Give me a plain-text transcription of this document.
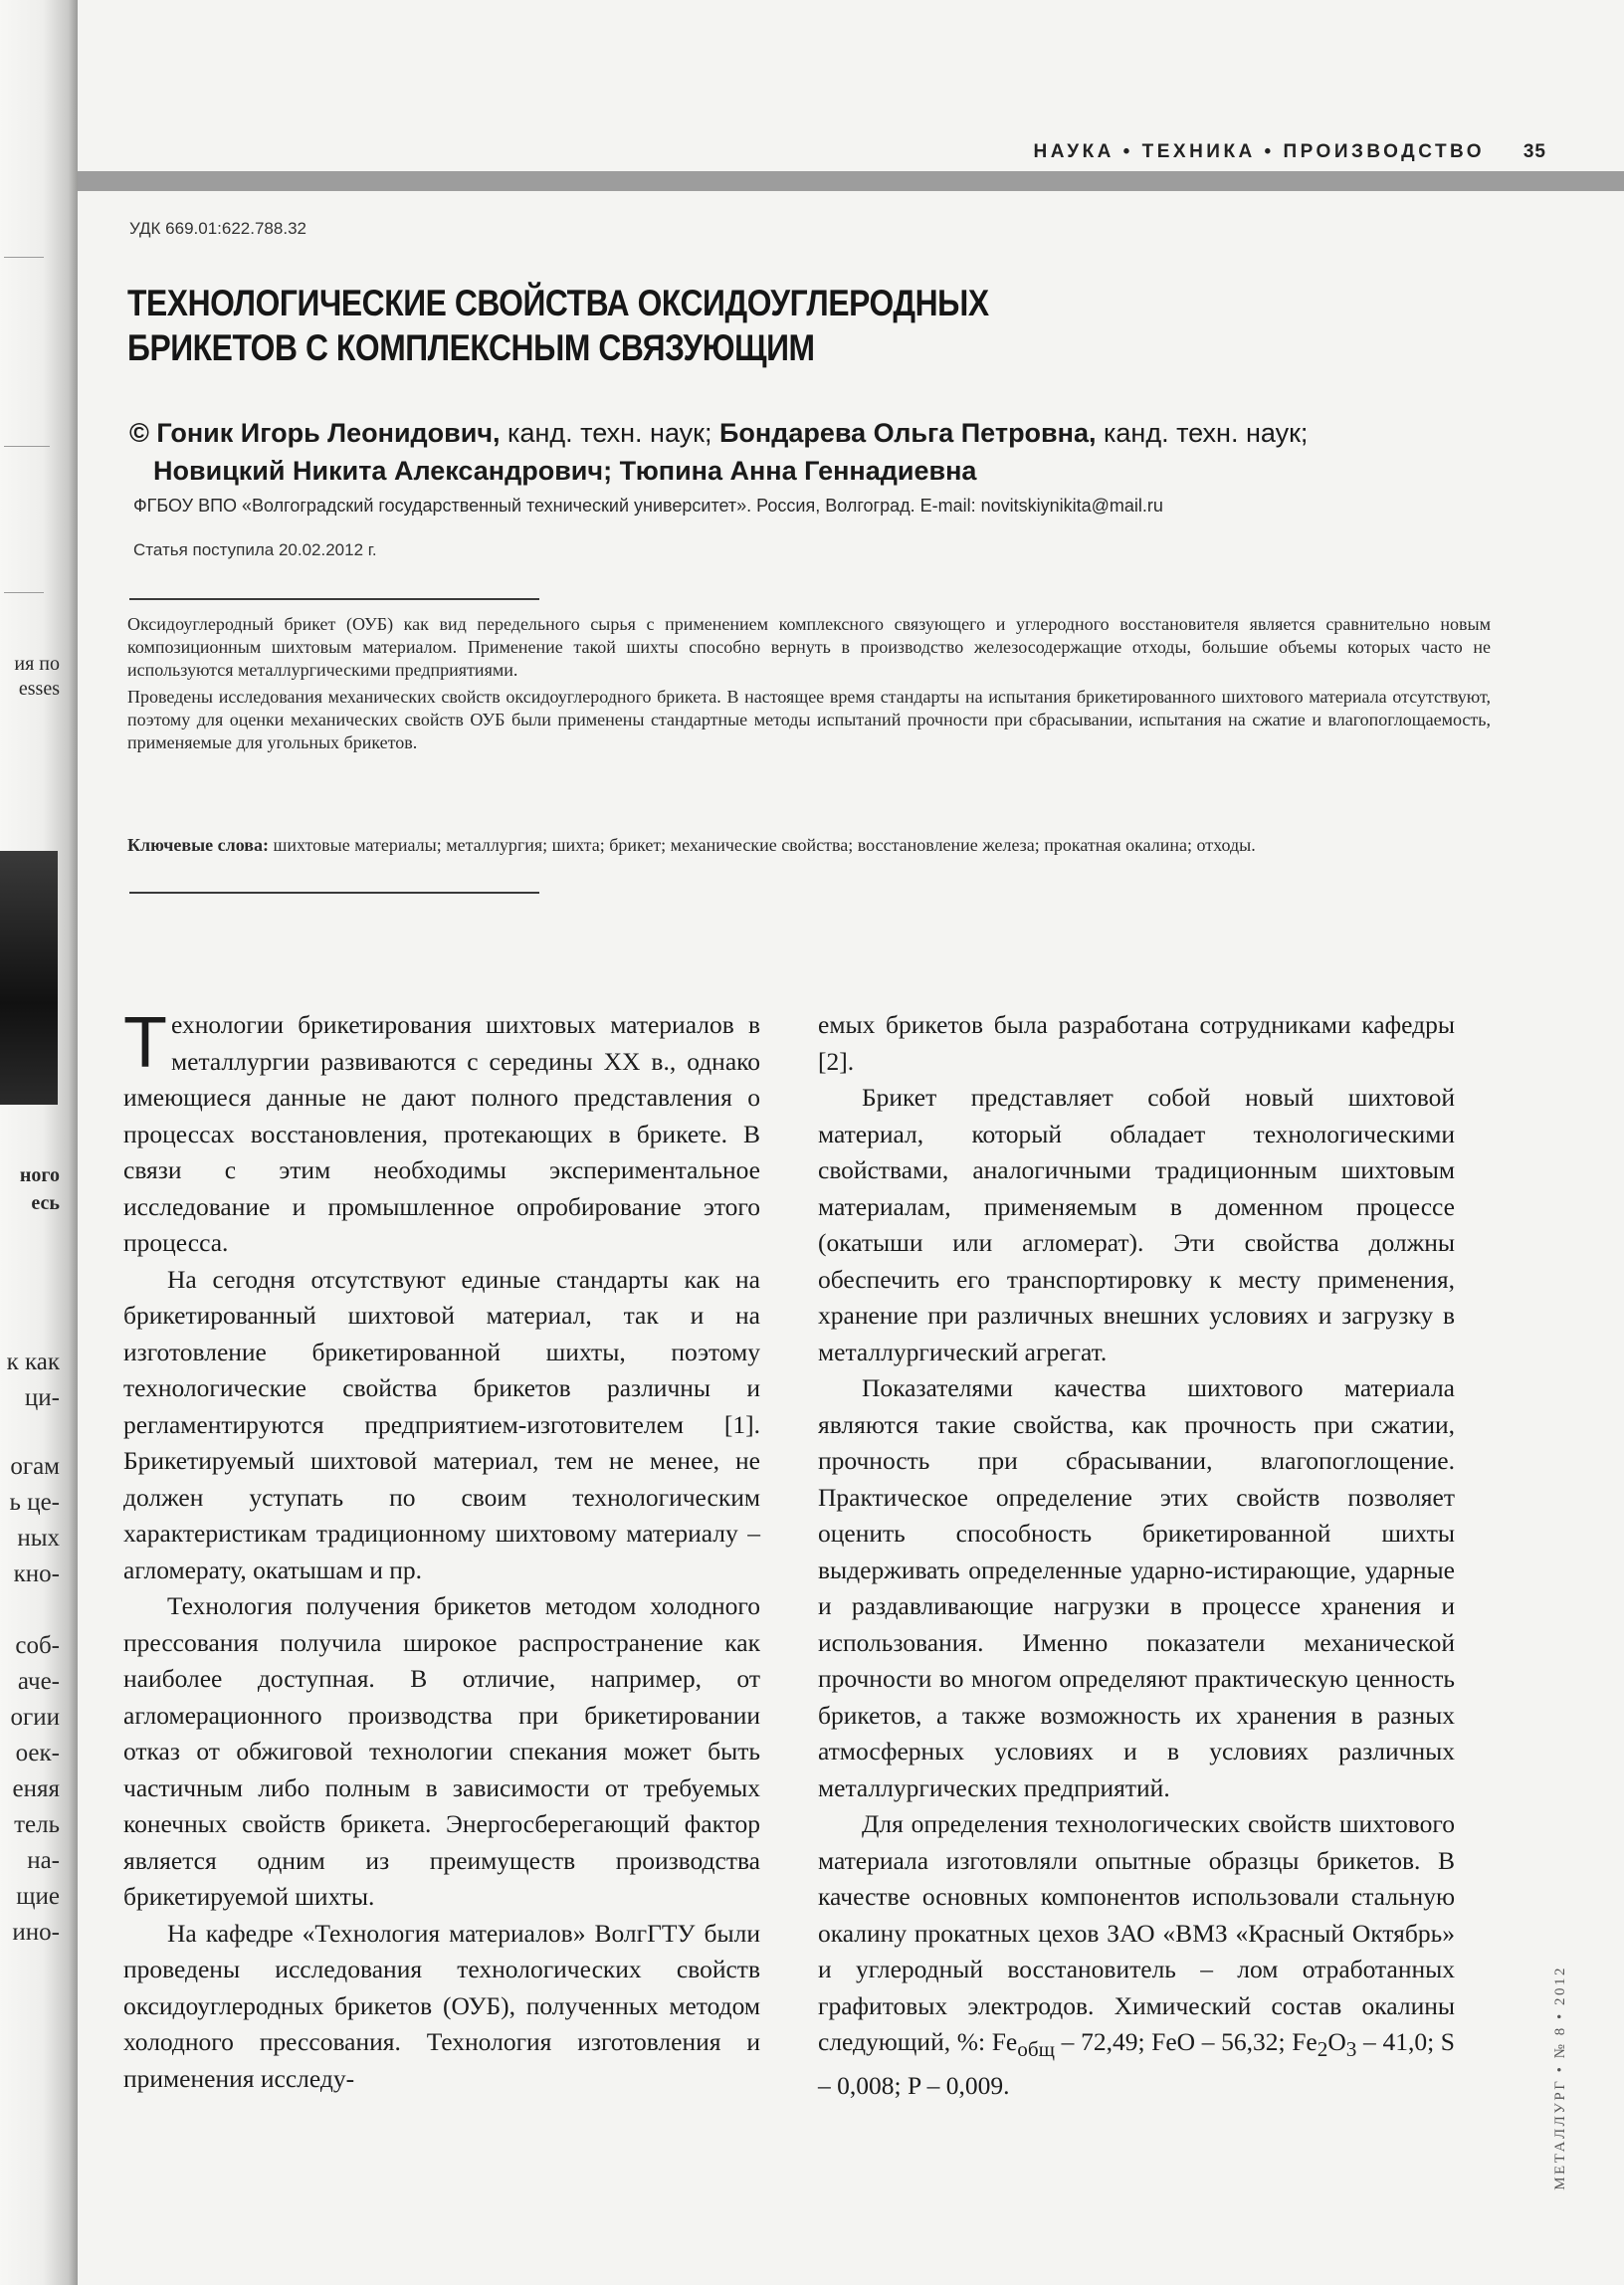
ия по
esses
ного
есь
к как
ци-
огам
ь це-
ных
кно-
соб-
аче-
огии
оек-
еняя
тель
на-
щие
ино-
НАУКА • ТЕХНИКА • ПРОИЗВОДСТВО 35
УДК 669.01:622.788.32
ТЕХНОЛОГИЧЕСКИЕ СВОЙСТВА ОКСИДОУГЛЕРОДНЫХ БРИКЕТОВ С КОМПЛЕКСНЫМ СВЯЗУЮЩИМ
© Гоник Игорь Леонидович, канд. техн. наук; Бондарева Ольга Петровна, канд. техн. наук;
Новицкий Никита Александрович; Тюпина Анна Геннадиевна
ФГБОУ ВПО «Волгоградский государственный технический университет». Россия, Волгоград. E-mail: novitskiynikita@mail.ru
Статья поступила 20.02.2012 г.

Оксидоуглеродный брикет (ОУБ) как вид передельного сырья с применением комплексного связующего и углеродного восстановителя является сравнительно новым композиционным шихтовым материалом. Применение такой шихты способно вернуть в производство железосодержащие отходы, большие объемы которых часто не используются металлургическими предприятиями.

Проведены исследования механических свойств оксидоуглеродного брикета. В настоящее время стандарты на испытания брикетированного шихтового материала отсутствуют, поэтому для оценки механических свойств ОУБ были применены стандартные методы испытаний прочности при сбрасывании, испытания на сжатие и влагопоглощаемость, применяемые для угольных брикетов.

Ключевые слова: шихтовые материалы; металлургия; шихта; брикет; механические свойства; восстановление железа; прокатная окалина; отходы.

Технологии брикетирования шихтовых материалов в металлургии развиваются с середины XX в., однако имеющиеся данные не дают полного представления о процессах восстановления, протекающих в брикете. В связи с этим необходимы экспериментальное исследование и промышленное опробирование этого процесса.

На сегодня отсутствуют единые стандарты как на брикетированный шихтовой материал, так и на изготовление брикетированной шихты, поэтому технологические свойства брикетов различны и регламентируются предприятием-изготовителем [1]. Брикетируемый шихтовой материал, тем не менее, не должен уступать по своим технологическим характеристикам традиционному шихтовому материалу – агломерату, окатышам и пр.

Технология получения брикетов методом холодного прессования получила широкое распространение как наиболее доступная. В отличие, например, от агломерационного производства при брикетировании отказ от обжиговой технологии спекания может быть частичным либо полным в зависимости от требуемых конечных свойств брикета. Энергосберегающий фактор является одним из преимуществ производства брикетируемой шихты.

На кафедре «Технология материалов» ВолгГТУ были проведены исследования технологических свойств оксидоуглеродных брикетов (ОУБ), полученных методом холодного прессования. Технология изготовления и применения исследу-

емых брикетов была разработана сотрудниками кафедры [2].

Брикет представляет собой новый шихтовой материал, который обладает технологическими свойствами, аналогичными традиционным шихтовым материалам, применяемым в доменном процессе (окатыши или агломерат). Эти свойства должны обеспечить его транспортировку к месту применения, хранение при различных внешних условиях и загрузку в металлургический агрегат.

Показателями качества шихтового материала являются такие свойства, как прочность при сжатии, прочность при сбрасывании, влагопоглощение. Практическое определение этих свойств позволяет оценить способность брикетированной шихты выдерживать определенные ударно-истирающие, ударные и раздавливающие нагрузки в процессе хранения и использования. Именно показатели механической прочности во многом определяют практическую ценность брикетов, а также возможность их хранения в разных атмосферных условиях и в условиях различных металлургических предприятий.

Для определения технологических свойств шихтового материала изготовляли опытные образцы брикетов. В качестве основных компонентов использовали стальную окалину прокатных цехов ЗАО «ВМЗ «Красный Октябрь» и углеродный восстановитель – лом отработанных графитовых электродов. Химический состав окалины следующий, %: $Fe_{общ} - 72,49$; FeO – 56,32; $Fe_2O_3 - 41,0$; S – 0,008; P – 0,009.	МЕТАЛЛУРГ • № 8 • 2012
